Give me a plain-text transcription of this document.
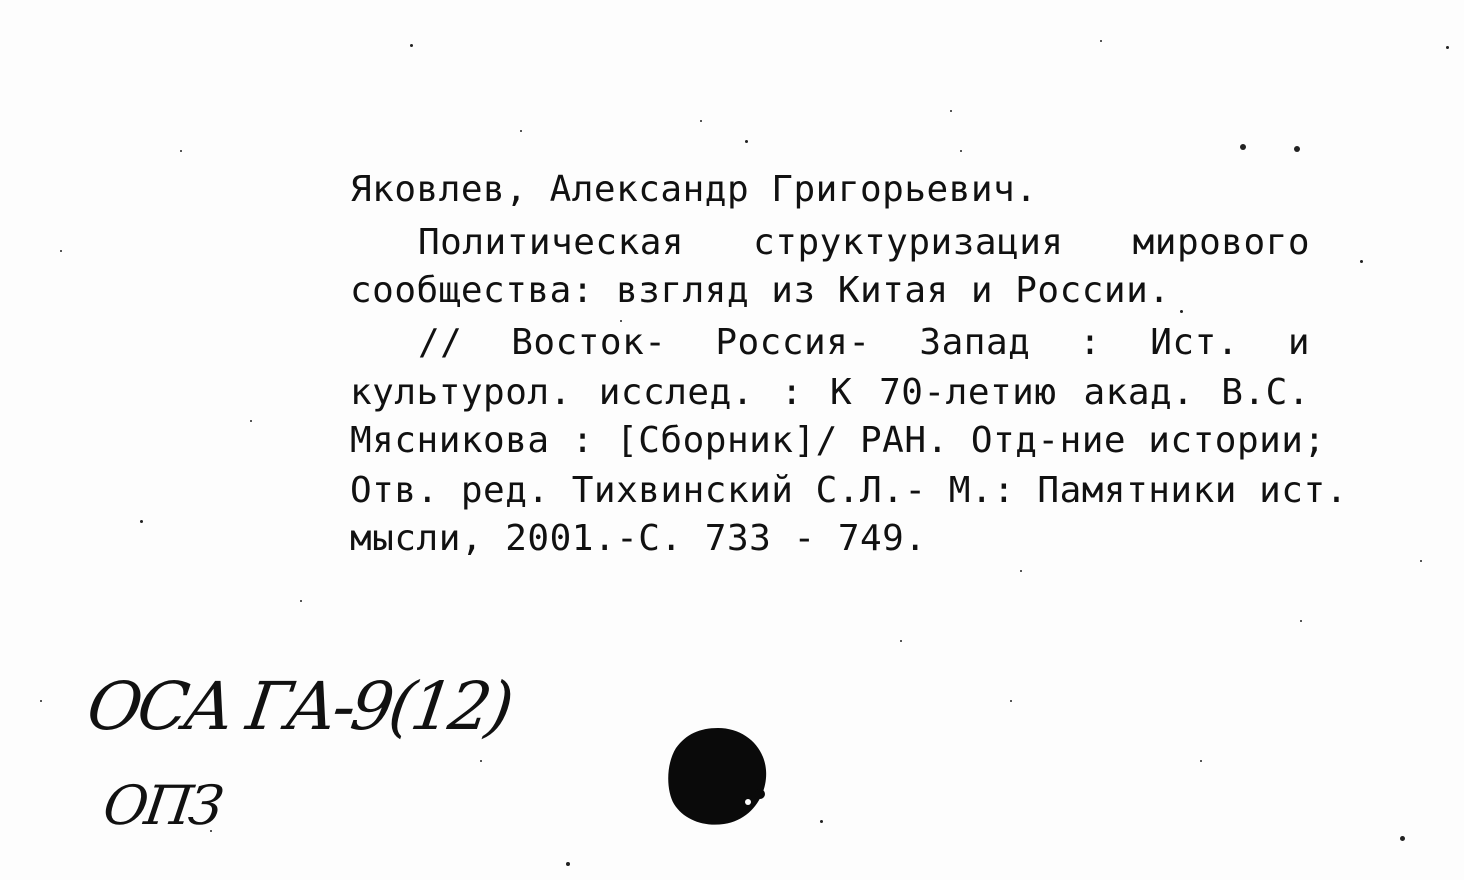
Яковлев, Александр Григорьевич.
Политическая структуризация мирового
сообщества: взгляд из Китая и России.
// Восток- Россия- Запад : Ист. и
культурол. исслед. : К 70-летию акад. В.С.
Мясникова : [Сборник]/ РАН. Отд-ние истории;
Отв. ред. Тихвинский С.Л.- М.: Памятники ист.
мысли, 2001.-С. 733 - 749.
ОСА ГА-9(12)
ОПЗ
